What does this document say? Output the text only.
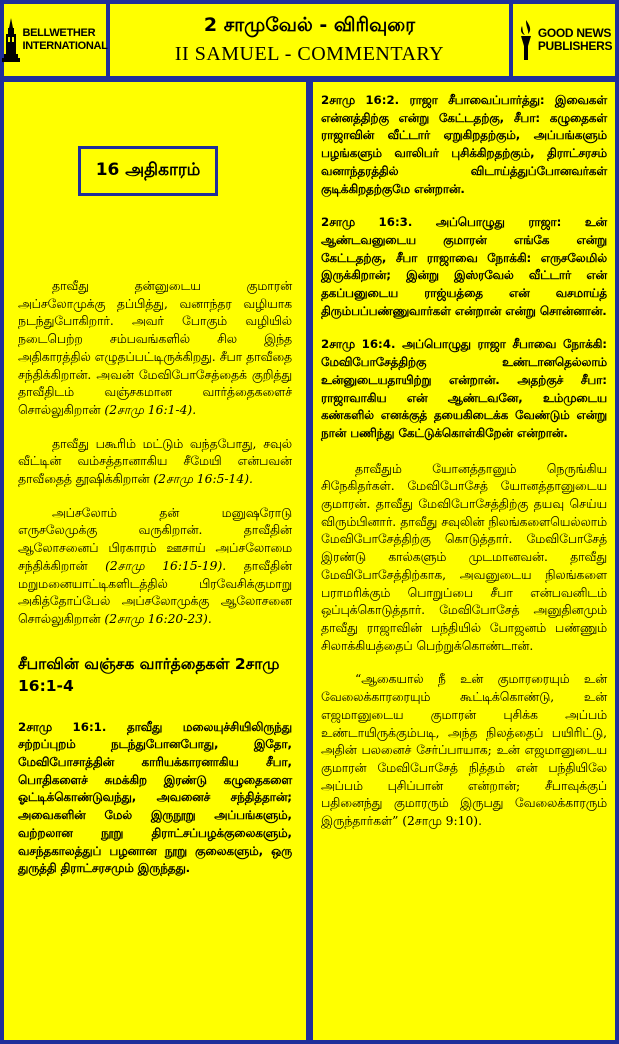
BELLWETHER
INTERNATIONAL
2 சாமுவேல் - விரிவுரை
II SAMUEL - COMMENTARY
GOOD NEWS
PUBLISHERS
16 அதிகாரம்

தாவீது தன்னுடைய குமாரன் அப்சலோமுக்கு தப்பித்து, வனாந்தர வழியாக நடந்துபோகிறார். அவர் போகும் வழியில் நடைபெற்ற சம்பவங்களில் சில இந்த அதிகாரத்தில் எழுதப்பட்டிருக்கிறது. சீபா தாவீதை சந்திக்கிறான். அவன் மேவிபோசேத்தைக் குறித்து தாவீதிடம் வஞ்சகமான வார்த்தைகளைச் சொல்லுகிறான் (2சாமு 16:1-4).

தாவீது பகூரிம் மட்டும் வந்தபோது, சவுல் வீட்டின் வம்சத்தானாகிய சீமேயி என்பவன் தாவீதைத் தூஷிக்கிறான் (2சாமு 16:5-14).

அப்சலோம் தன் மனுஷரோடு எருசலேமுக்கு வருகிறான். தாவீதின் ஆலோசனைப் பிரகாரம் ஊசாய் அப்சலோமை சந்திக்கிறான் (2சாமு 16:15-19). தாவீதின் மறுமனையாட்டிகளிடத்தில் பிரவேசிக்குமாறு அகித்தோப்பேல் அப்சலோமுக்கு ஆலோசனை சொல்லுகிறான் (2சாமு 16:20-23).

சீபாவின் வஞ்சக வார்த்தைகள் 2சாமு 16:1-4

2சாமு 16:1. தாவீது மலையுச்சியிலிருந்து சற்றப்புறம் நடந்துபோனபோது, இதோ, மேவிபோசாத்தின் காரியக்காரனாகிய சீபா, பொதிகளைச் சுமக்கிற இரண்டு கழுதைகளை ஓட்டிக்கொண்டுவந்து, அவனைச் சந்தித்தான்; அவைகளின் மேல் இருநூறு அப்பங்களும், வற்றலான நூறு திராட்சப்பழக்குலைகளும், வசந்தகாலத்துப் பழனான நூறு குலைகளும், ஒரு துருத்தி திராட்சரசமும் இருந்தது.

2சாமு 16:2. ராஜா சீபாவைப்பார்த்து: இவைகள் என்னத்திற்கு என்று கேட்டதற்கு, சீபா: கழுதைகள் ராஜாவின் வீட்டார் ஏறுகிறதற்கும், அப்பங்களும் பழங்களும் வாலிபர் புசிக்கிறதற்கும், திராட்சரசம் வனாந்தரத்தில் விடாய்த்துப்போனவர்கள் குடிக்கிறதற்குமே என்றான்.

2சாமு 16:3. அப்பொழுது ராஜா: உன் ஆண்டவனுடைய குமாரன் எங்கே என்று கேட்டதற்கு, சீபா ராஜாவை நோக்கி: எருசலேமில் இருக்கிறான்; இன்று இஸ்ரவேல் வீட்டார் என் தகப்பனுடைய ராஜ்யத்தை என் வசமாய்த் திரும்பப்பண்ணுவார்கள் என்றான் என்று சொன்னான்.

2சாமு 16:4. அப்பொழுது ராஜா சீபாவை நோக்கி: மேவிபோசேத்திற்கு உண்டானதெல்லாம் உன்னுடையதாயிற்று என்றான். அதற்குச் சீபா: ராஜாவாகிய என் ஆண்டவனே, உம்முடைய கண்களில் எனக்குத் தயைகிடைக்க வேண்டும் என்று நான் பணிந்து கேட்டுக்கொள்கிறேன் என்றான்.

தாவீதும் யோனத்தானும் நெருங்கிய சிநேகிதர்கள். மேவிபோசேத் யோனத்தானுடைய குமாரன். தாவீது மேவிபோசேத்திற்கு தயவு செய்ய விரும்பினார். தாவீது சவுலின் நிலங்களையெல்லாம் மேவிபோசேத்திற்கு கொடுத்தார். மேவிபோசேத் இரண்டு கால்களும் முடமானவன். தாவீது மேவிபோசேத்திற்காக, அவனுடைய நிலங்களை பராமரிக்கும் பொறுப்பை சீபா என்பவனிடம் ஒப்புக்கொடுத்தார். மேவிபோசேத் அனுதினமும் தாவீது ராஜாவின் பந்தியில் போஜனம் பண்ணும் சிலாக்கியத்தைப் பெற்றுக்கொண்டான்.

“ஆகையால் நீ உன் குமாரரையும் உன் வேலைக்காரரையும் கூட்டிக்கொண்டு, உன் எஜமானுடைய குமாரன் புசிக்க அப்பம் உண்டாயிருக்கும்படி, அந்த நிலத்தைப் பயிரிட்டு, அதின் பலனைச் சேர்ப்பாயாக; உன் எஜமானுடைய குமாரன் மேவிபோசேத் நித்தம் என் பந்தியிலே அப்பம் புசிப்பான் என்றான்; சீபாவுக்குப் பதினைந்து குமாரரும் இருபது வேலைக்காரரும் இருந்தார்கள்” (2சாமு 9:10).
